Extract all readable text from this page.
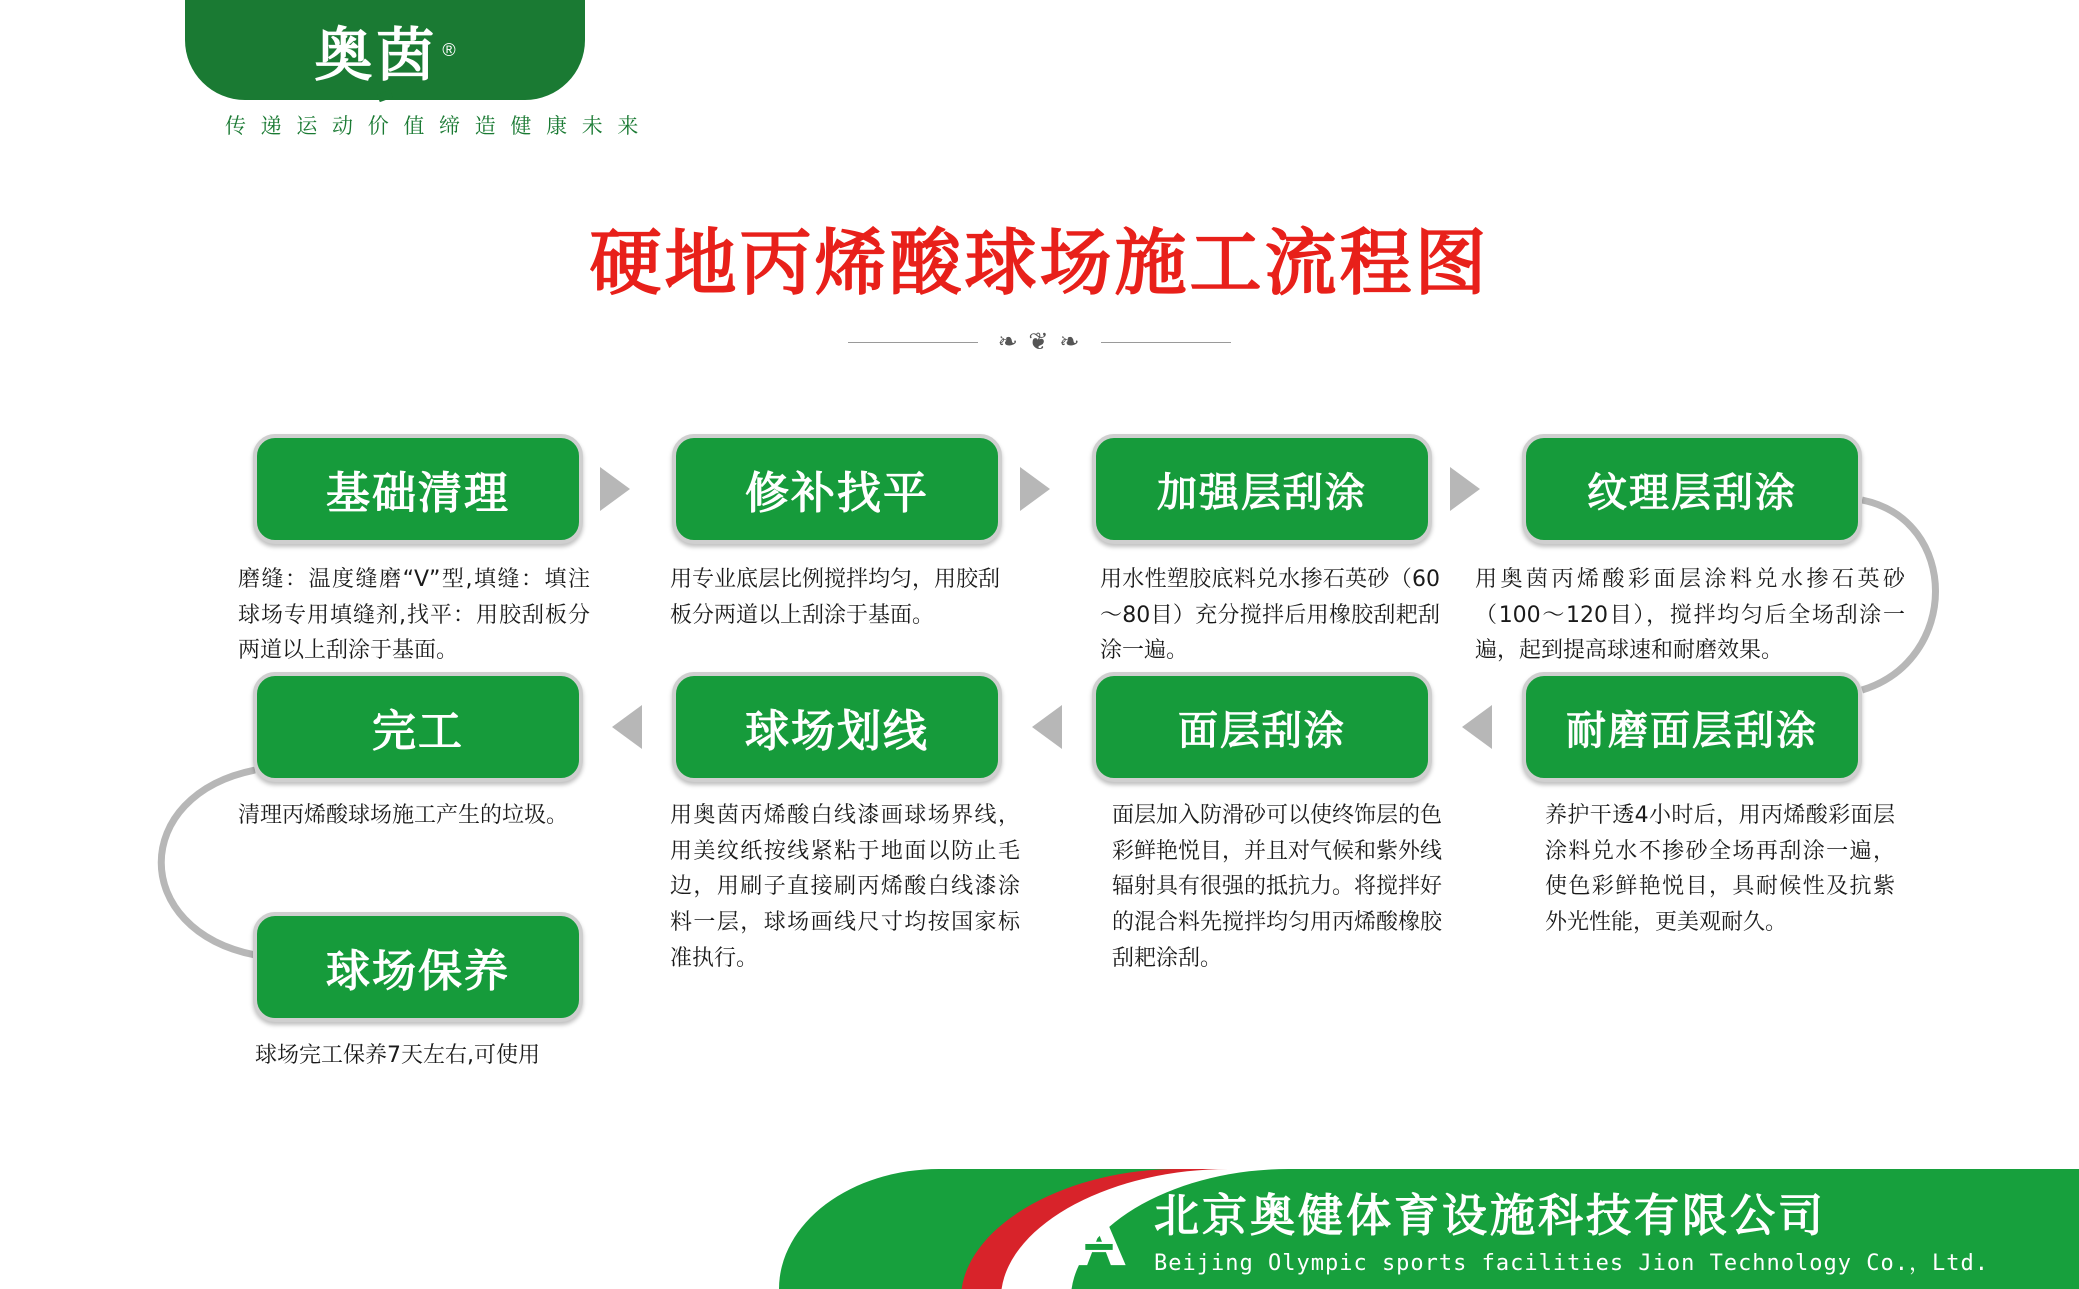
奥茵 ®
传 递 运 动 价 值 缔 造 健 康 未 来
硬地丙烯酸球场施工流程图
❧ ❦ ❧
基础清理	修补找平	加强层刮涂	纹理层刮涂
磨缝：温度缝磨“V”型,填缝：填注球场专用填缝剂,找平：用胶刮板分两道以上刮涂于基面。
用专业底层比例搅拌均匀，用胶刮板分两道以上刮涂于基面。
用水性塑胶底料兑水掺石英砂（60～80目）充分搅拌后用橡胶刮耙刮涂一遍。
用奥茵丙烯酸彩面层涂料兑水掺石英砂（100～120目），搅拌均匀后全场刮涂一遍，起到提高球速和耐磨效果。
耐磨面层刮涂
面层刮涂
球场划线
完工
养护干透4小时后，用丙烯酸彩面层涂料兑水不掺砂全场再刮涂一遍，使色彩鲜艳悦目，具耐候性及抗紫外光性能，更美观耐久。
面层加入防滑砂可以使终饰层的色彩鲜艳悦目，并且对气候和紫外线辐射具有很强的抵抗力。将搅拌好的混合料先搅拌均匀用丙烯酸橡胶刮耙涂刮。
用奥茵丙烯酸白线漆画球场界线，用美纹纸按线紧粘于地面以防止毛边，用刷子直接刷丙烯酸白线漆涂料一层，球场画线尺寸均按国家标准执行。
清理丙烯酸球场施工产生的垃圾。
球场保养
球场完工保养7天左右,可使用
北京奥健体育设施科技有限公司
Beijing Olympic sports facilities Jion Technology Co.，Ltd.
